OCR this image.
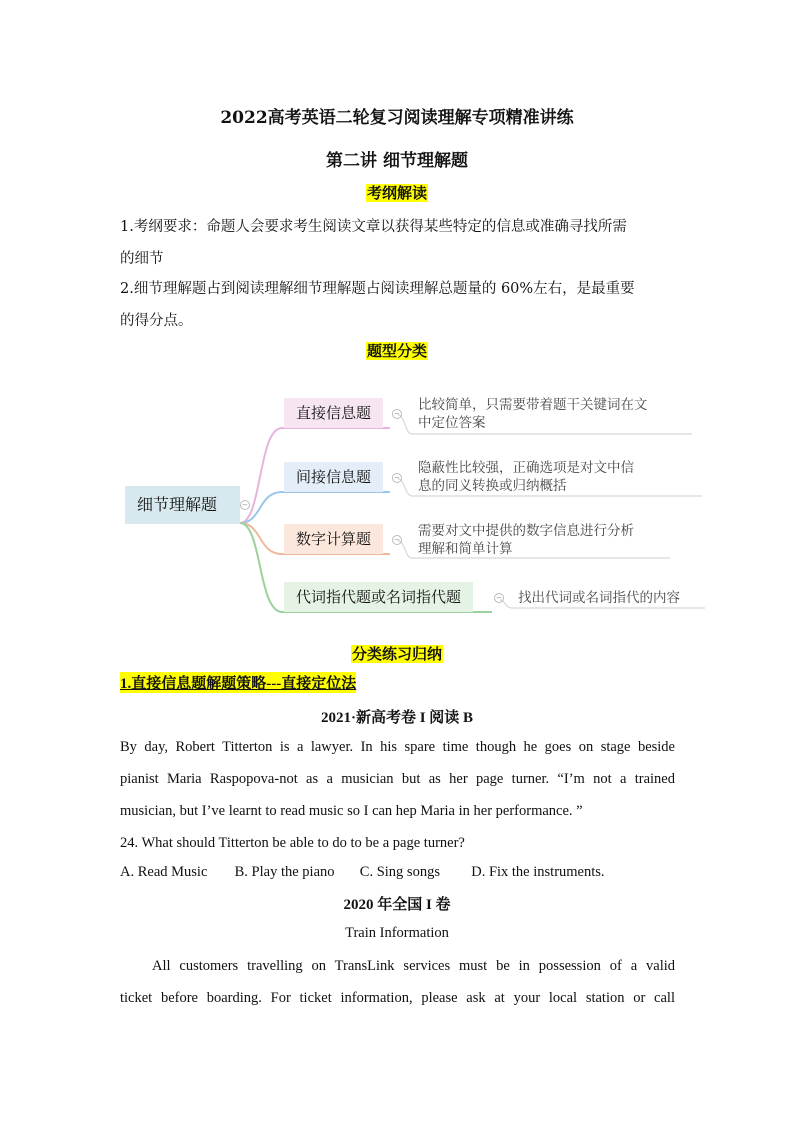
2022高考英语二轮复习阅读理解专项精准讲练
第二讲 细节理解题
考纲解读
1.考纲要求：命题人会要求考生阅读文章以获得某些特定的信息或准确寻找所需
的细节
2.细节理解题占到阅读理解细节理解题占阅读理解总题量的 60%左右，是最重要
的得分点。
题型分类
细节理解题	−
直接信息题	−
比较简单，只需要带着题干关键词在文
中定位答案
间接信息题	−
隐蔽性比较强，正确选项是对文中信
息的同义转换或归纳概括
数字计算题	−
需要对文中提供的数字信息进行分析
理解和简单计算
代词指代题或名词指代题	− 找出代词或名词指代的内容
分类练习归纳
1.直接信息题解题策略---直接定位法
2021·新高考卷 I 阅读 B
By day, Robert Titterton is a lawyer. In his spare time though he goes on stage beside
pianist Maria Raspopova-not as a musician but as her page turner. “I’m not a trained
musician, but I’ve learnt to read music so I can hep Maria in her performance. ”
24. What should Titterton be able to do to be a page turner?
A. Read Music B. Play the piano C. Sing songs D. Fix the instruments.
2020 年全国 I 卷
Train Information
All customers travelling on TransLink services must be in possession of a valid
ticket before boarding. For ticket information, please ask at your local station or call
